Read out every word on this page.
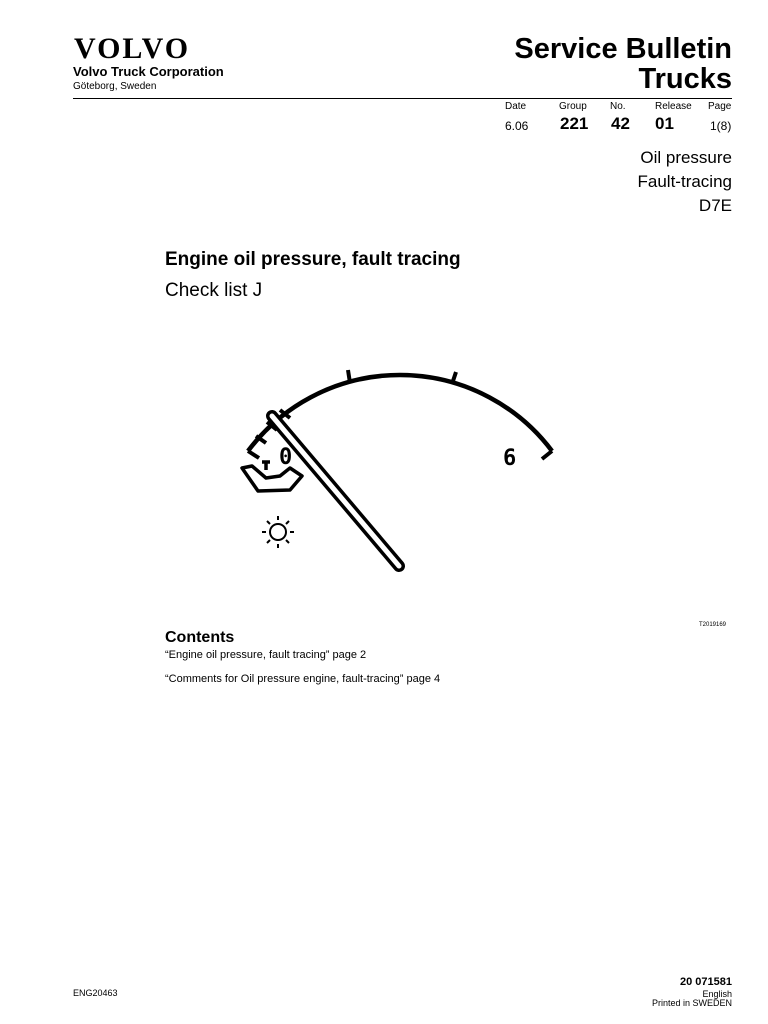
VOLVO
Volvo Truck Corporation
Göteborg, Sweden
Service Bulletin
Trucks
Date	Group No.	Release Page
6.06 221 42 01	1(8)
Oil pressure
Fault-tracing
D7E
Engine oil pressure, fault tracing
Check list J
0	6
T2019169
Contents
“Engine oil pressure, fault tracing” page 2
“Comments for Oil pressure engine, fault-tracing” page 4
ENG20463
20 071581
English
Printed in SWEDEN
